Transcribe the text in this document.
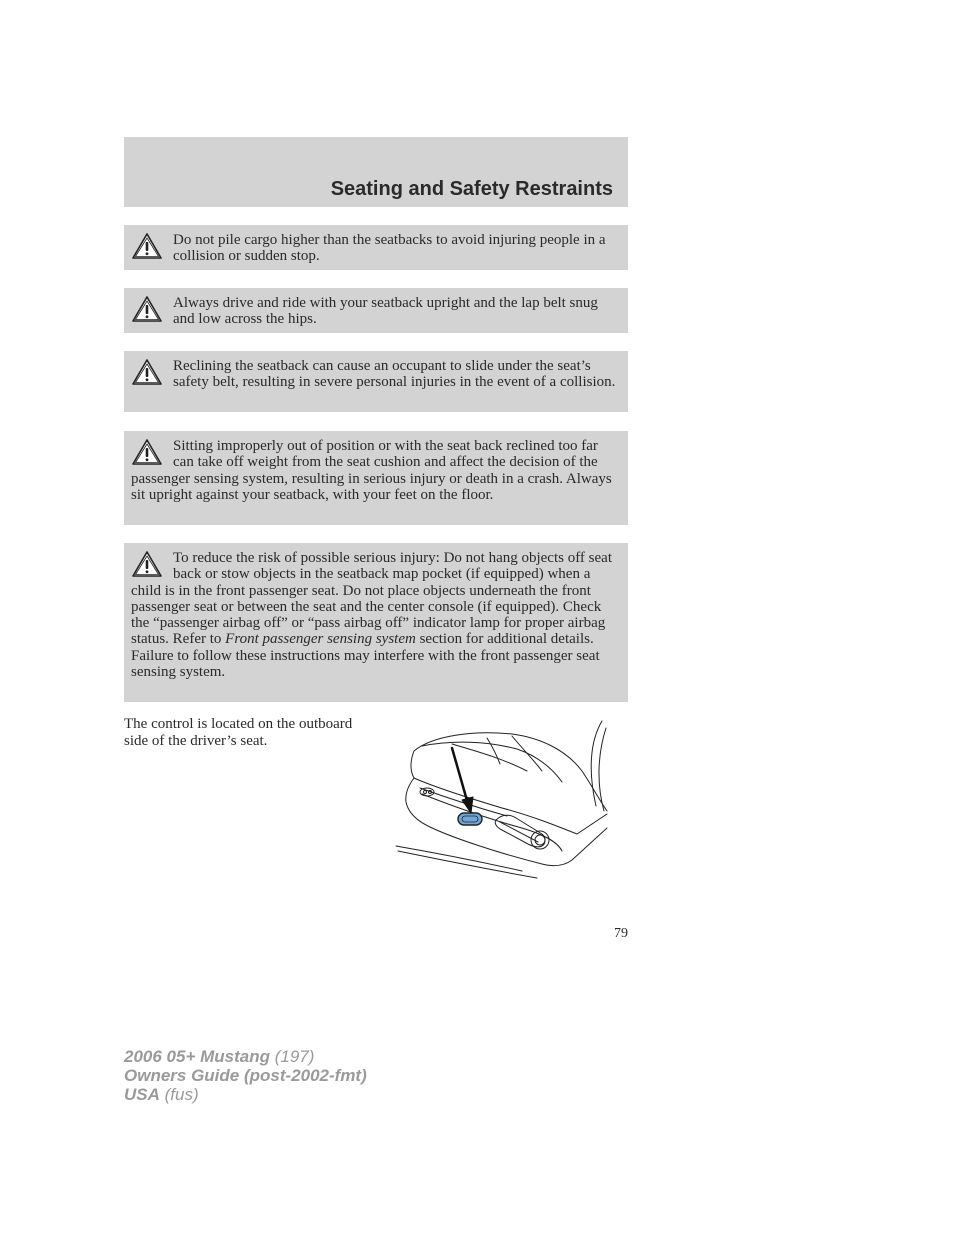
Seating and Safety Restraints

Do not pile cargo higher than the seatbacks to avoid injuring people in a collision or sudden stop.

Always drive and ride with your seatback upright and the lap belt snug and low across the hips.

Reclining the seatback can cause an occupant to slide under the seat’s safety belt, resulting in severe personal injuries in the event of a collision.

Sitting improperly out of position or with the seat back reclined too far can take off weight from the seat cushion and affect the decision of the passenger sensing system, resulting in serious injury or death in a crash. Always sit upright against your seatback, with your feet on the floor.

To reduce the risk of possible serious injury: Do not hang objects off seat back or stow objects in the seatback map pocket (if equipped) when a child is in the front passenger seat. Do not place objects underneath the front passenger seat or between the seat and the center console (if equipped). Check the “passenger airbag off” or “pass airbag off” indicator lamp for proper airbag status. Refer to Front passenger sensing system section for additional details. Failure to follow these instructions may interfere with the front passenger seat sensing system.

The control is located on the outboard side of the driver’s seat.
79
2006 05+ Mustang (197)
Owners Guide (post-2002-fmt)
USA (fus)
